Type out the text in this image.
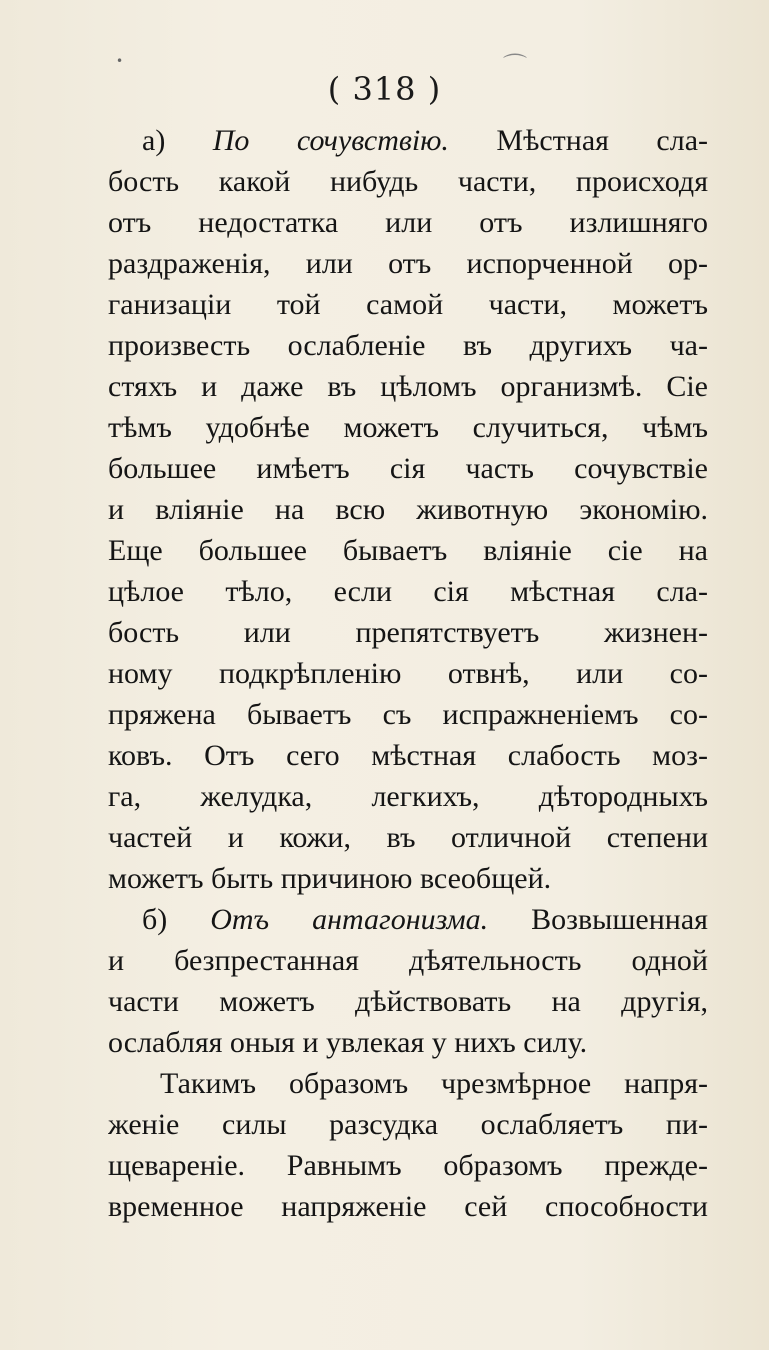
•	⌒
( 318 )
а) По сочувствію. Мѣстная сла-
бость какой нибудь части, происходя
отъ недостатка или отъ излишняго
раздраженія, или отъ испорченной ор-
ганизаціи той самой части, можетъ
произвесть ослабленіе въ другихъ ча-
стяхъ и даже въ цѣломъ организмѣ. Сіе
тѣмъ удобнѣе можетъ случиться, чѣмъ
большее имѣетъ сія часть сочувствіе
и вліяніе на всю животную экономію.
Еще большее бываетъ вліяніе сіе на
цѣлое тѣло, если сія мѣстная сла-
бость или препятствуетъ жизнен-
ному подкрѣпленію отвнѣ, или со-
пряжена бываетъ съ испражненіемъ со-
ковъ. Отъ сего мѣстная слабость моз-
га, желудка, легкихъ, дѣтородныхъ
частей и кожи, въ отличной степени
можетъ быть причиною всеобщей.
б) Отъ антагонизма. Возвышенная
и безпрестанная дѣятельность одной
части можетъ дѣйствовать на другія,
ослабляя оныя и увлекая у нихъ силу.
Такимъ образомъ чрезмѣрное напря-
женіе силы разсудка ослабляетъ пи-
щевареніе. Равнымъ образомъ преждe-
временное напряженіе сей способности
